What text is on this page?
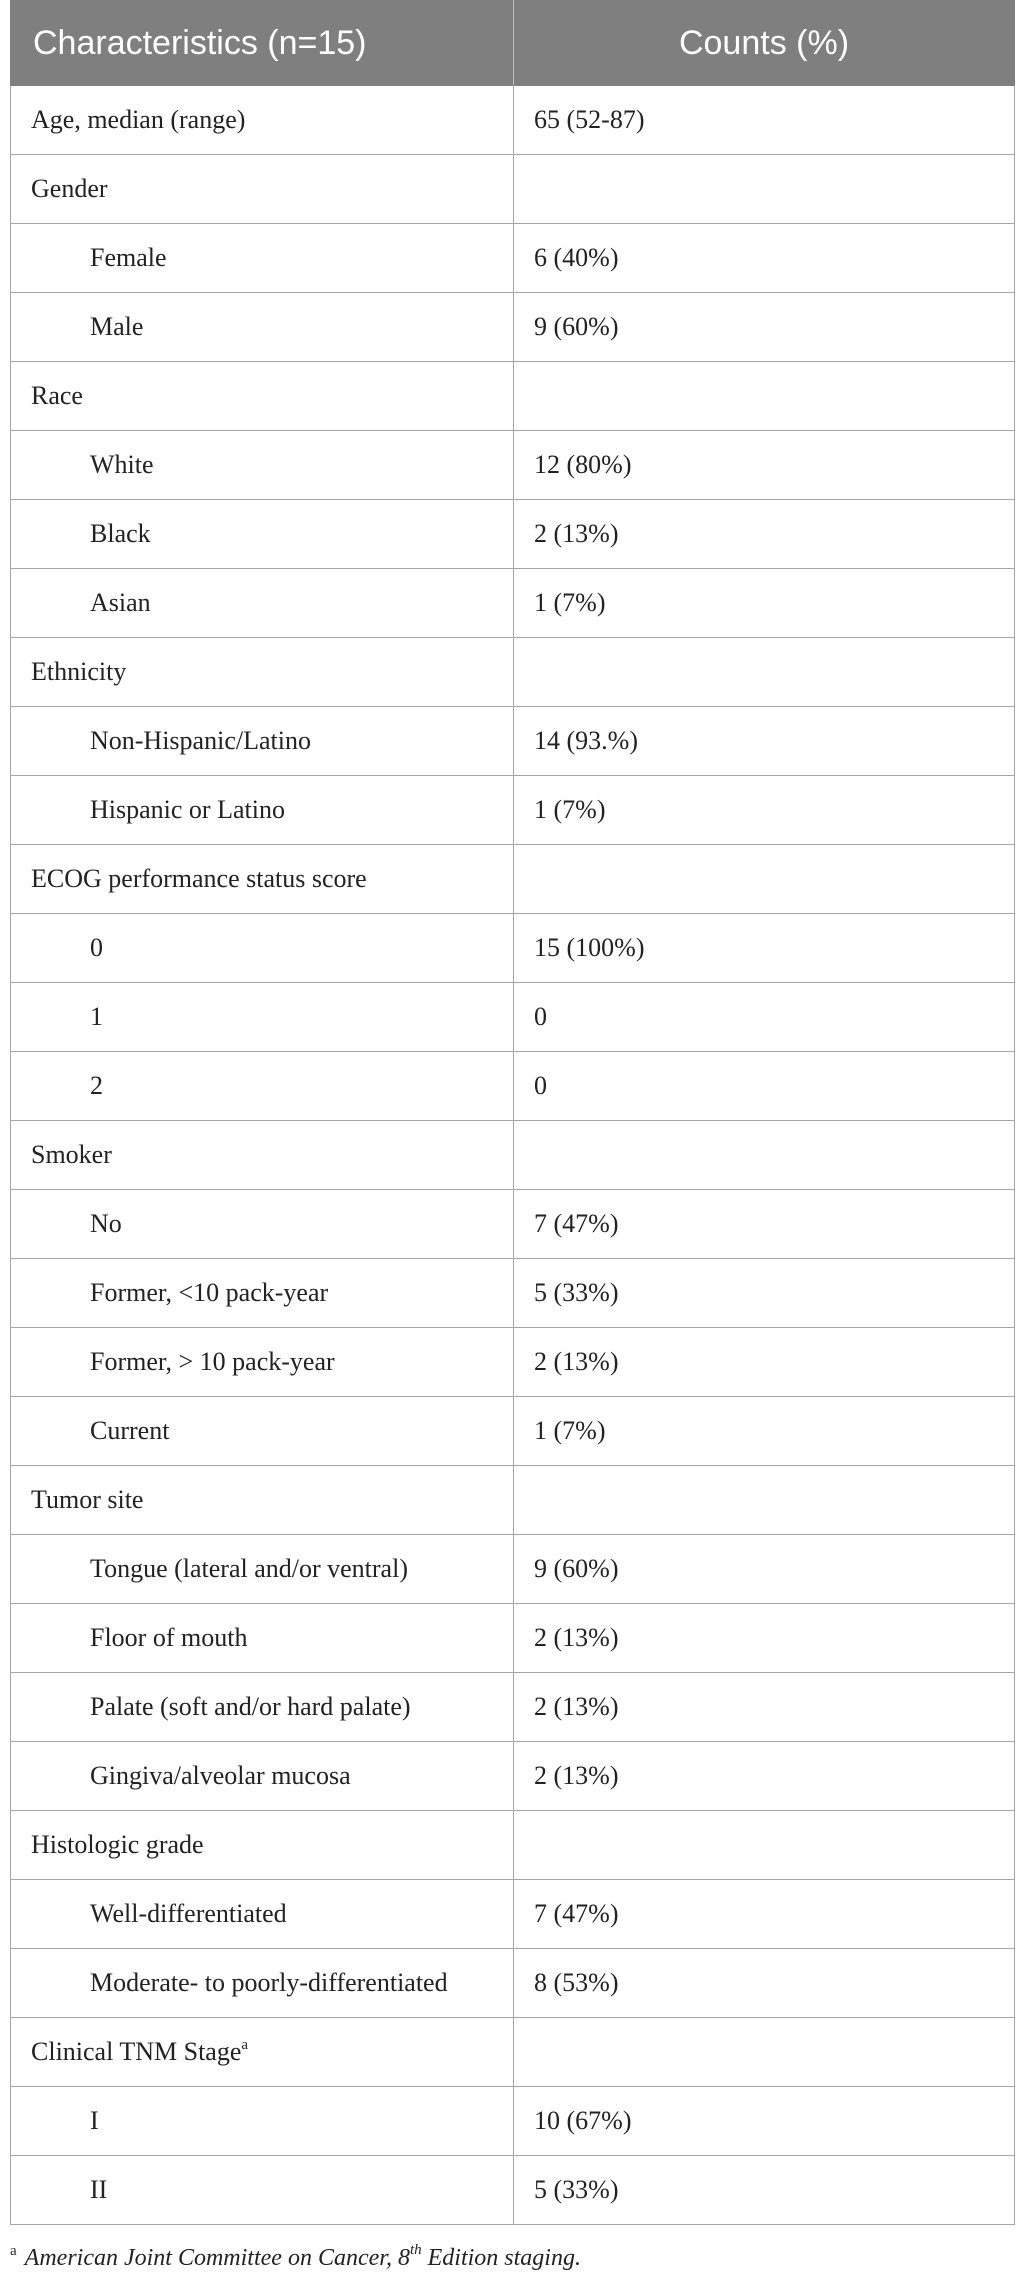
Characteristics (n=15)	Counts (%)
Age, median (range)	65 (52-87)
Gender	
Female	6 (40%)
Male	9 (60%)
Race	
White	12 (80%)
Black	2 (13%)
Asian	1 (7%)
Ethnicity	
Non-Hispanic/Latino	14 (93.%)
Hispanic or Latino	1 (7%)
ECOG performance status score	
0	15 (100%)
1	0
2	0
Smoker	
No	7 (47%)
Former, <10 pack-year	5 (33%)
Former, > 10 pack-year	2 (13%)
Current	1 (7%)
Tumor site	
Tongue (lateral and/or ventral)	9 (60%)
Floor of mouth	2 (13%)
Palate (soft and/or hard palate)	2 (13%)
Gingiva/alveolar mucosa	2 (13%)
Histologic grade	
Well-differentiated	7 (47%)
Moderate- to poorly-differentiated	8 (53%)
Clinical TNM Stage$^a$	
I	10 (67%)
II	5 (33%)
$^a$ American Joint Committee on Cancer, 8th Edition staging.
